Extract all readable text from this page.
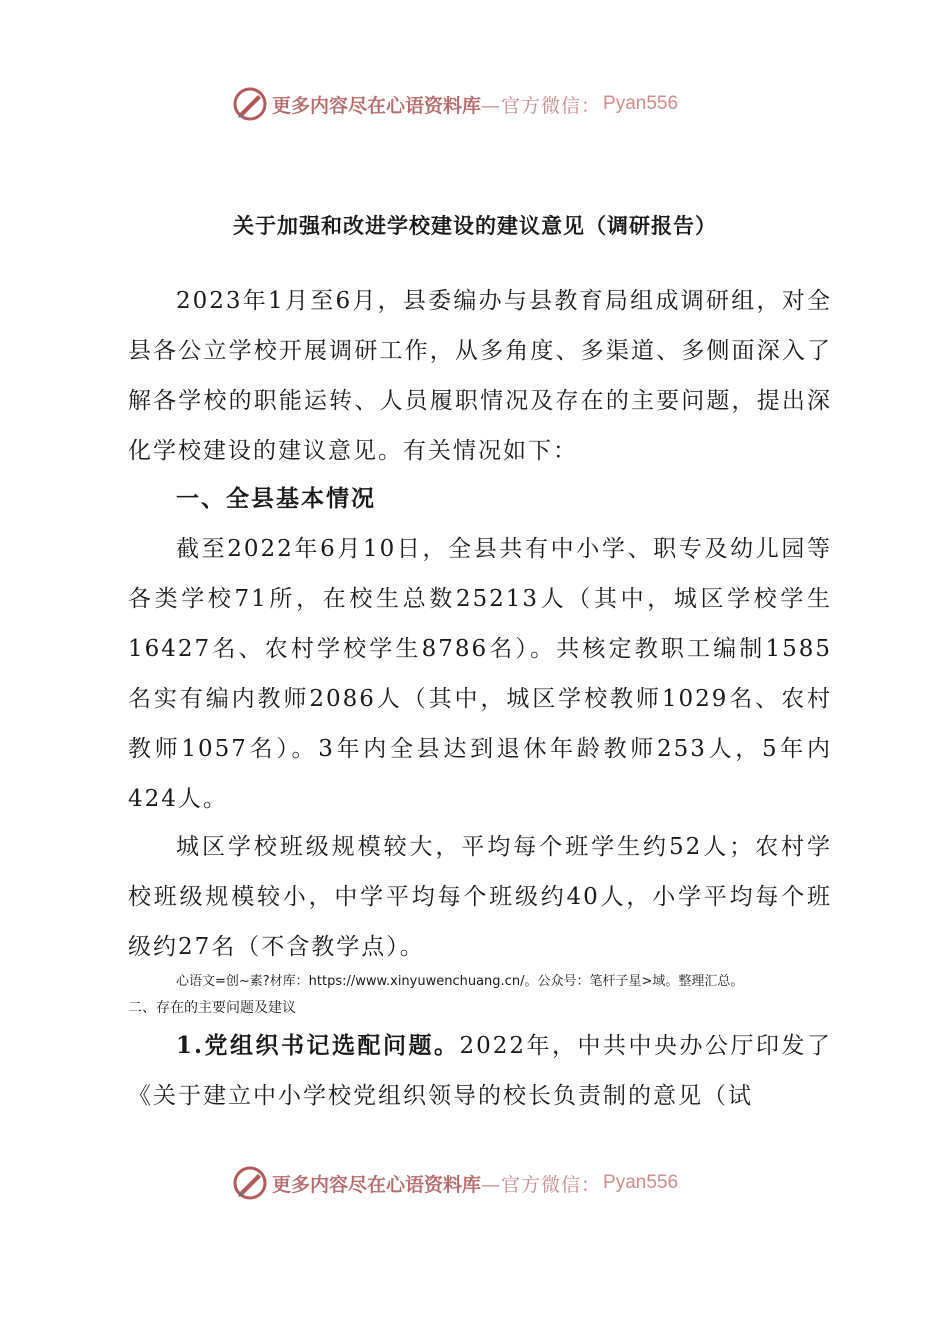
更多内容尽在心语资料库 —官方微信： Pyan556
关于加强和改进学校建设的建议意见（调研报告）

2023年1月至6月，县委编办与县教育局组成调研组，对全县各公立学校开展调研工作，从多角度、多渠道、多侧面深入了解各学校的职能运转、人员履职情况及存在的主要问题，提出深化学校建设的建议意见。有关情况如下：

一、全县基本情况

截至2022年6月10日，全县共有中小学、职专及幼儿园等各类学校71所，在校生总数25213人（其中，城区学校学生16427名、农村学校学生8786名）。共核定教职工编制1585名实有编内教师2086人（其中，城区学校教师1029名、农村教师1057名）。3年内全县达到退休年龄教师253人，5年内424人。

城区学校班级规模较大，平均每个班学生约52人；农村学校班级规模较小，中学平均每个班级约40人，小学平均每个班级约27名（不含教学点）。

心语文=创~素?材库：https://www.xinyuwenchuang.cn/。公众号：笔杆子星>域。整理汇总。

二、存在的主要问题及建议

1.党组织书记选配问题。2022年，中共中央办公厅印发了《关于建立中小学校党组织领导的校长负责制的意见（试

更多内容尽在心语资料库 —官方微信： Pyan556
